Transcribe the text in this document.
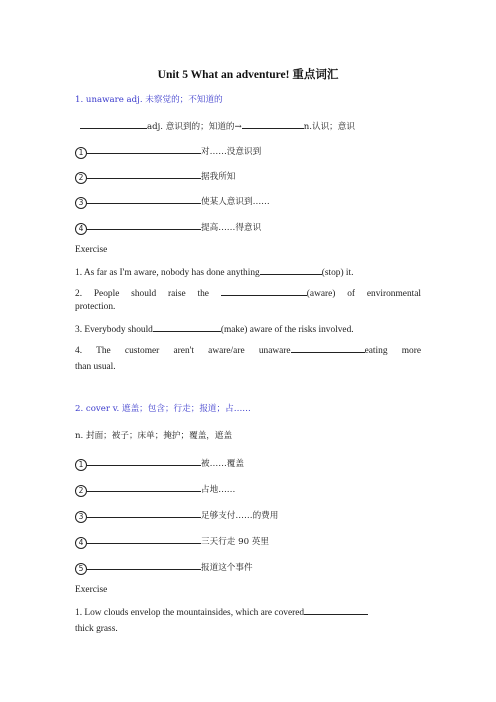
Unit 5 What an adventure! 重点词汇
1. unaware adj. 未察觉的；不知道的
adj. 意识到的；知道的→	n.认识；意识
1	对……没意识到
2	据我所知
3	使某人意识到……
4	提高……得意识
Exercise
1. As far as I'm aware, nobody has done anything	(stop) it.
2. People should raise the	(aware) of environmental
protection.
3. Everybody should	(make) aware of the risks involved.
4. The customer aren't aware/are unaware	eating more
than usual.
2. cover v. 遮盖；包含；行走；报道；占……
n. 封面；被子；床单；掩护；覆盖，遮盖
1	被……覆盖
2	占地……
3	足够支付……的费用
4	三天行走 90 英里
5	报道这个事件
Exercise
1. Low clouds envelop the mountainsides, which are covered
thick grass.
